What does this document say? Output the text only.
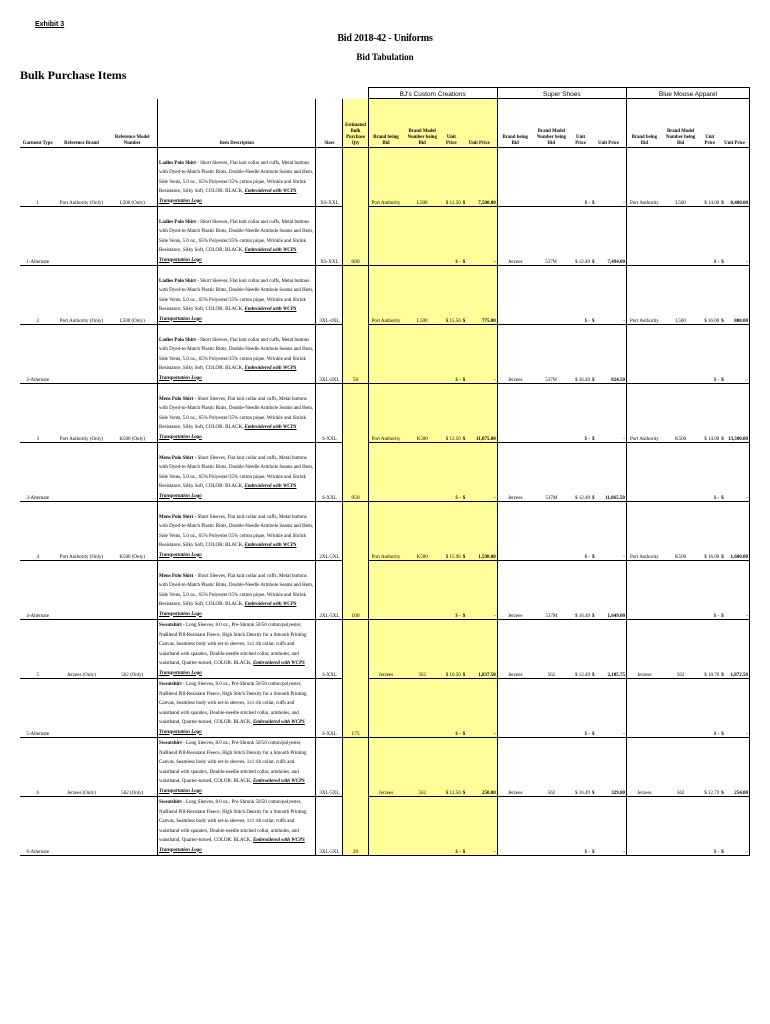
Exhibit 3
Bid 2018-42 - Uniforms
Bid Tabulation
Bulk Purchase Items
						BJ's Custom Creations				Super Shoes				Blue Moose Apparel			
Garment Type	Reference Brand	Reference Model Number	Item Description	Sizes	Estimated Bulk Purchase Qty	Brand being Bid	Brand Model Number being Bid	Unit Price	Unit Price	Brand being Bid	Brand Model Number being Bid	Unit Price	Unit Price	Brand being Bid	Brand Model Number being Bid	Unit Price	Unit Price
1	Port Authority (Only)	L500 (Only)	Ladies Polo Shirt - Short Sleeves, Flat knit collar and cuffs, Metal buttons with Dyed-to-Match Plastic Rims, Double-Needle Armhole Seams and Hem, Side Vents, 5.0 oz., 65% Polyester/35% cotton pique, Wrinkle and Shrink Resistance, Silky Soft, COLOR: BLACK, Embroidered with WCPS Transportation Logo	XS-XXL	600	Port Authority	L500	$ 12.50	$ 7,500.00			$ -	$ -	Port Authority	L500	$ 14.00	$ 8,400.00
1-Alternate			Ladies Polo Shirt - Short Sleeves, Flat knit collar and cuffs, Metal buttons with Dyed-to-Match Plastic Rims, Double-Needle Armhole Seams and Hem, Side Vents, 5.0 oz., 65% Polyester/35% cotton pique, Wrinkle and Shrink Resistance, Silky Soft, COLOR: BLACK, Embroidered with WCPS Transportation Logo	XS-XXL				$ -	$ -	Jerzees	537W	$ 12.49	$ 7,494.00			$ -	$ -
2	Port Authority (Only)	L500 (Only)	Ladies Polo Shirt - Short Sleeves, Flat knit collar and cuffs, Metal buttons with Dyed-to-Match Plastic Rims, Double-Needle Armhole Seams and Hem, Side Vents, 5.0 oz., 65% Polyester/35% cotton pique, Wrinkle and Shrink Resistance, Silky Soft, COLOR: BLACK, Embroidered with WCPS Transportation Logo	3XL-4XL	50	Port Authority	L500	$ 15.50	$ 775.00			$ -	$ -	Port Authority	L500	$ 16.00	$ 800.00
2-Alternate			Ladies Polo Shirt - Short Sleeves, Flat knit collar and cuffs, Metal buttons with Dyed-to-Match Plastic Rims, Double-Needle Armhole Seams and Hem, Side Vents, 5.0 oz., 65% Polyester/35% cotton pique, Wrinkle and Shrink Resistance, Silky Soft, COLOR: BLACK, Embroidered with WCPS Transportation Logo	3XL-4XL				$ -	$ -	Jerzees	537W	$ 16.49	$ 824.50			$ -	$ -
3	Port Authority (Only)	K500 (Only)	Mens Polo Shirt - Short Sleeves, Flat knit collar and cuffs, Metal buttons with Dyed-to-Match Plastic Rims, Double-Needle Armhole Seams and Hem, Side Vents, 5.0 oz., 65% Polyester/35% cotton pique, Wrinkle and Shrink Resistance, Silky Soft, COLOR: BLACK, Embroidered with WCPS Transportation Logo	S-XXL	950	Port Authority	K500	$ 12.50	$ 11,875.00			$ -	$ -	Port Authority	K500	$ 14.00	$ 13,300.00
3-Alternate			Mens Polo Shirt - Short Sleeves, Flat knit collar and cuffs, Metal buttons with Dyed-to-Match Plastic Rims, Double-Needle Armhole Seams and Hem, Side Vents, 5.0 oz., 65% Polyester/35% cotton pique, Wrinkle and Shrink Resistance, Silky Soft, COLOR: BLACK, Embroidered with WCPS Transportation Logo	S-XXL				$ -	$ -	Jerzees	537M	$ 12.49	$ 11,865.50			$ -	$ -
4	Port Authority (Only)	K500 (Only)	Mens Polo Shirt - Short Sleeves, Flat knit collar and cuffs, Metal buttons with Dyed-to-Match Plastic Rims, Double-Needle Armhole Seams and Hem, Side Vents, 5.0 oz., 65% Polyester/35% cotton pique, Wrinkle and Shrink Resistance, Silky Soft, COLOR: BLACK, Embroidered with WCPS Transportation Logo	2XL-5XL	100	Port Authority	K500	$ 15.98	$ 1,598.00			$ -	$ -	Port Authority	K500	$ 16.00	$ 1,600.00
4-Alternate			Mens Polo Shirt - Short Sleeves, Flat knit collar and cuffs, Metal buttons with Dyed-to-Match Plastic Rims, Double-Needle Armhole Seams and Hem, Side Vents, 5.0 oz., 65% Polyester/35% cotton pique, Wrinkle and Shrink Resistance, Silky Soft, COLOR: BLACK, Embroidered with WCPS Transportation Logo	2XL-5XL				$ -	$ -	Jerzees	537M	$ 16.49	$ 1,649.00			$ -	$ -
5	Jerzees (Only)	562 (Only)	Sweatshirt - Long Sleeves, 8.0 oz., Pre-Shrunk 50/50 cotton/polyester, NuBlend Pill-Resistant Fleece, High Stitch Density for a Smooth Printing Canvas, Seamless body with set-in sleeves, 1x1 rib collar, cuffs and waistband with spandex, Double-needle stitched collar, armholes, and waistband, Quarter-turned, COLOR: BLACK, Embroidered with WCPS Transportation Logo	S-XXL	175	Jerzees	562	$ 10.50	$ 1,837.50	Jerzees	562	$ 12.49	$ 2,185.75	Jerzees	562	$ 10.70	$ 1,872.50
5-Alternate			Sweatshirt - Long Sleeves, 8.0 oz., Pre-Shrunk 50/50 cotton/polyester, NuBlend Pill-Resistant Fleece, High Stitch Density for a Smooth Printing Canvas, Seamless body with set-in sleeves, 1x1 rib collar, cuffs and waistband with spandex, Double-needle stitched collar, armholes, and waistband, Quarter-turned, COLOR: BLACK, Embroidered with WCPS Transportation Logo	S-XXL				$ -	$ -			$ -	$ -			$ -	$ -
6	Jerzees (Only)	562 (Only)	Sweatshirt - Long Sleeves, 8.0 oz., Pre-Shrunk 50/50 cotton/polyester, NuBlend Pill-Resistant Fleece, High Stitch Density for a Smooth Printing Canvas, Seamless body with set-in sleeves, 1x1 rib collar, cuffs and waistband with spandex, Double-needle stitched collar, armholes, and waistband, Quarter-turned, COLOR: BLACK, Embroidered with WCPS Transportation Logo	3XL-5XL	20	Jerzees	562	$ 12.50	$ 250.00	Jerzees	562	$ 16.49	$ 329.80	Jerzees	562	$ 12.70	$ 254.00
6-Alternate			Sweatshirt - Long Sleeves, 8.0 oz., Pre-Shrunk 50/50 cotton/polyester, NuBlend Pill-Resistant Fleece, High Stitch Density for a Smooth Printing Canvas, Seamless body with set-in sleeves, 1x1 rib collar, cuffs and waistband with spandex, Double-needle stitched collar, armholes, and waistband, Quarter-turned, COLOR: BLACK, Embroidered with WCPS Transportation Logo	3XL-5XL				$ -	$ -			$ -	$ -			$ -	$ -
